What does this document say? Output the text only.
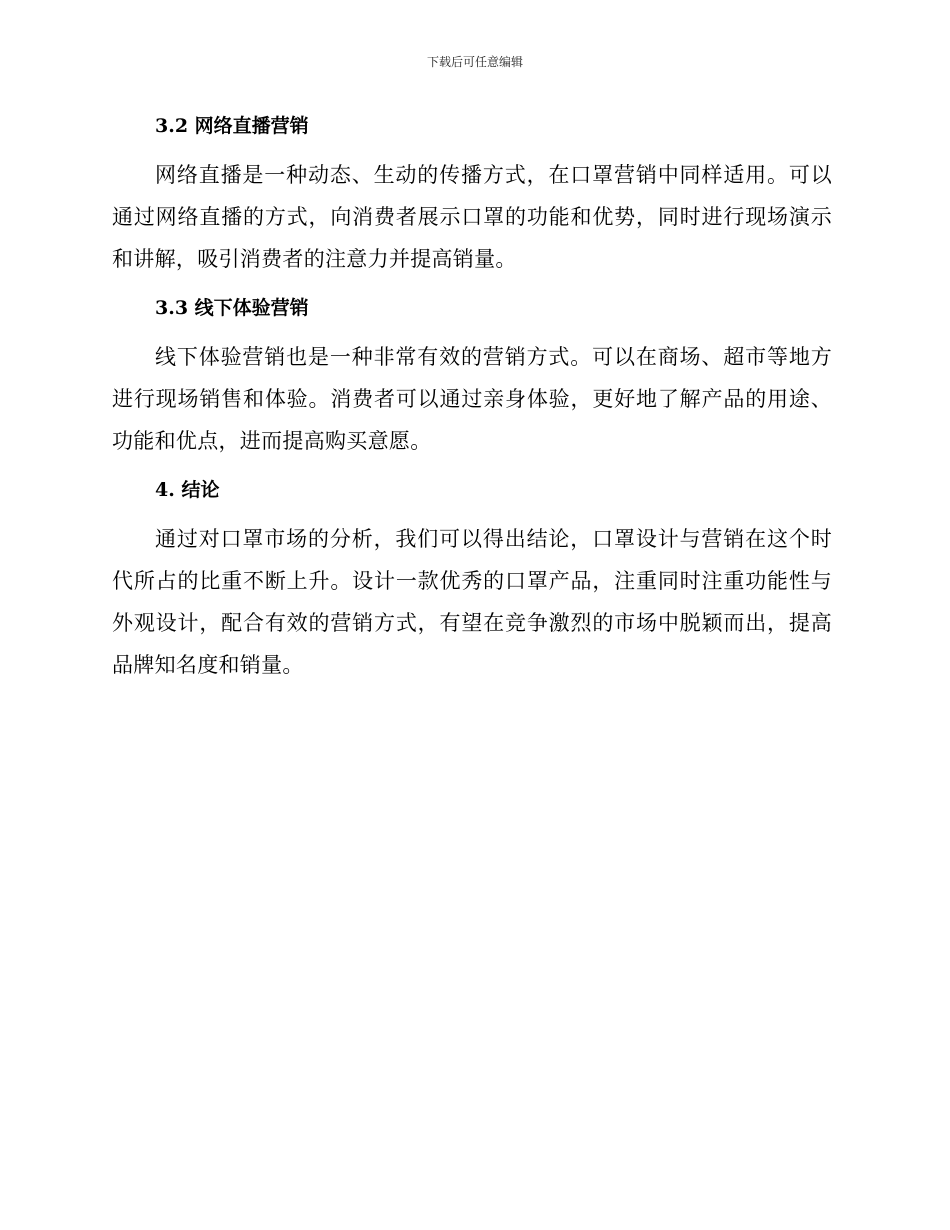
下载后可任意编辑
3.2 网络直播营销

网络直播是一种动态、生动的传播方式，在口罩营销中同样适用。可以通过网络直播的方式，向消费者展示口罩的功能和优势，同时进行现场演示和讲解，吸引消费者的注意力并提高销量。

3.3 线下体验营销

线下体验营销也是一种非常有效的营销方式。可以在商场、超市等地方进行现场销售和体验。消费者可以通过亲身体验，更好地了解产品的用途、功能和优点，进而提高购买意愿。

4. 结论

通过对口罩市场的分析，我们可以得出结论，口罩设计与营销在这个时代所占的比重不断上升。设计一款优秀的口罩产品，注重同时注重功能性与外观设计，配合有效的营销方式，有望在竞争激烈的市场中脱颖而出，提高品牌知名度和销量。
